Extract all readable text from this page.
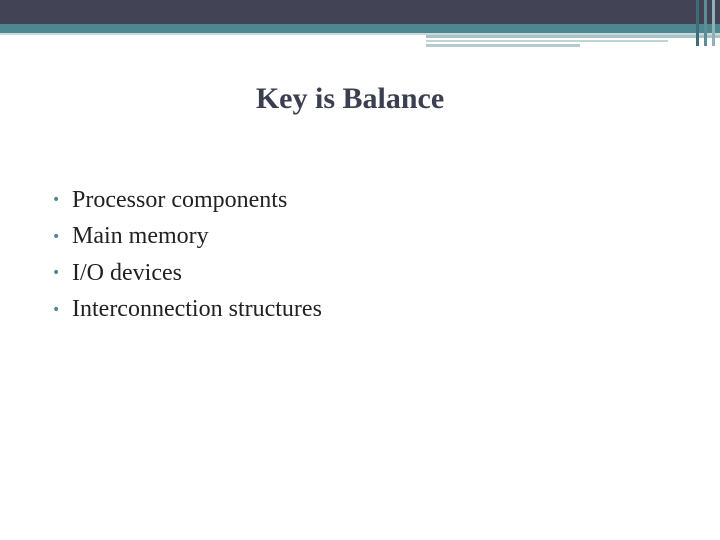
Key is Balance
• Processor components
• Main memory
• I/O devices
• Interconnection structures
